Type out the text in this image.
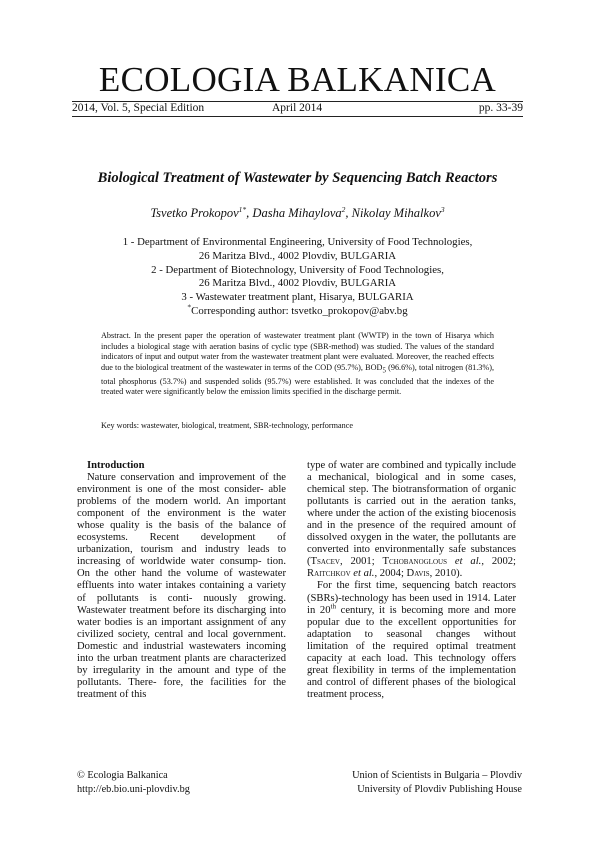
ECOLOGIA BALKANICA
2014, Vol. 5, Special Edition	April 2014	pp. 33-39
Biological Treatment of Wastewater by Sequencing Batch Reactors
Tsvetko Prokopov$^{1*}$, Dasha Mihaylova$^2$, Nikolay Mihalkov$^3$
1 - Department of Environmental Engineering, University of Food Technologies,
26 Maritza Blvd., 4002 Plovdiv, BULGARIA
2 - Department of Biotechnology, University of Food Technologies,
26 Maritza Blvd., 4002 Plovdiv, BULGARIA
3 - Wastewater treatment plant, Hisarya, BULGARIA
*Corresponding author: tsvetko_prokopov@abv.bg
Abstract. In the present paper the operation of wastewater treatment plant (WWTP) in the town of Hisarya which includes a biological stage with aeration basins of cyclic type (SBR-method) was studied. The values of the standard indicators of input and output water from the wastewater treatment plant were evaluated. Moreover, the reached effects due to the biological treatment of the wastewater in terms of the COD (95.7%), $BOD_5$ (96.6%), total nitrogen (81.3%), total phosphorus (53.7%) and suspended solids (95.7%) were established. It was concluded that the indexes of the treated water were significantly below the emission limits specified in the discharge permit.
Key words: wastewater, biological, treatment, SBR-technology, performance

Introduction

Nature conservation and improvement of the environment is one of the most consider- able problems of the modern world. An important component of the environment is the water whose quality is the basis of the balance of ecosystems. Recent development of urbanization, tourism and industry leads to increasing of worldwide water consump- tion. On the other hand the volume of wastewater effluents into water intakes containing a variety of pollutants is conti- nuously growing. Wastewater treatment before its discharging into water bodies is an important assignment of any civilized society, central and local government. Domestic and industrial wastewaters incoming into the urban treatment plants are characterized by irregularity in the amount and type of the pollutants. There- fore, the facilities for the treatment of this

type of water are combined and typically include a mechanical, biological and in some cases, chemical step. The biotransformation of organic pollutants is carried out in the aeration tanks, where under the action of the existing biocenosis and in the presence of the required amount of dissolved oxygen in the water, the pollutants are converted into environmentally safe substances (Tsacev, 2001; Tchobanoglous et al., 2002; Raitchkov et al., 2004; Davis, 2010).

For the first time, sequencing batch reactors (SBRs)-technology has been used in 1914. Later in 20th century, it is becoming more and more popular due to the excellent opportunities for adaptation to seasonal changes without limitation of the required optimal treatment capacity at each load. This technology offers great flexibility in terms of the implementation and control of different phases of the biological treatment process,

© Ecologia Balkanica
http://eb.bio.uni-plovdiv.bg
Union of Scientists in Bulgaria – Plovdiv
University of Plovdiv Publishing House
